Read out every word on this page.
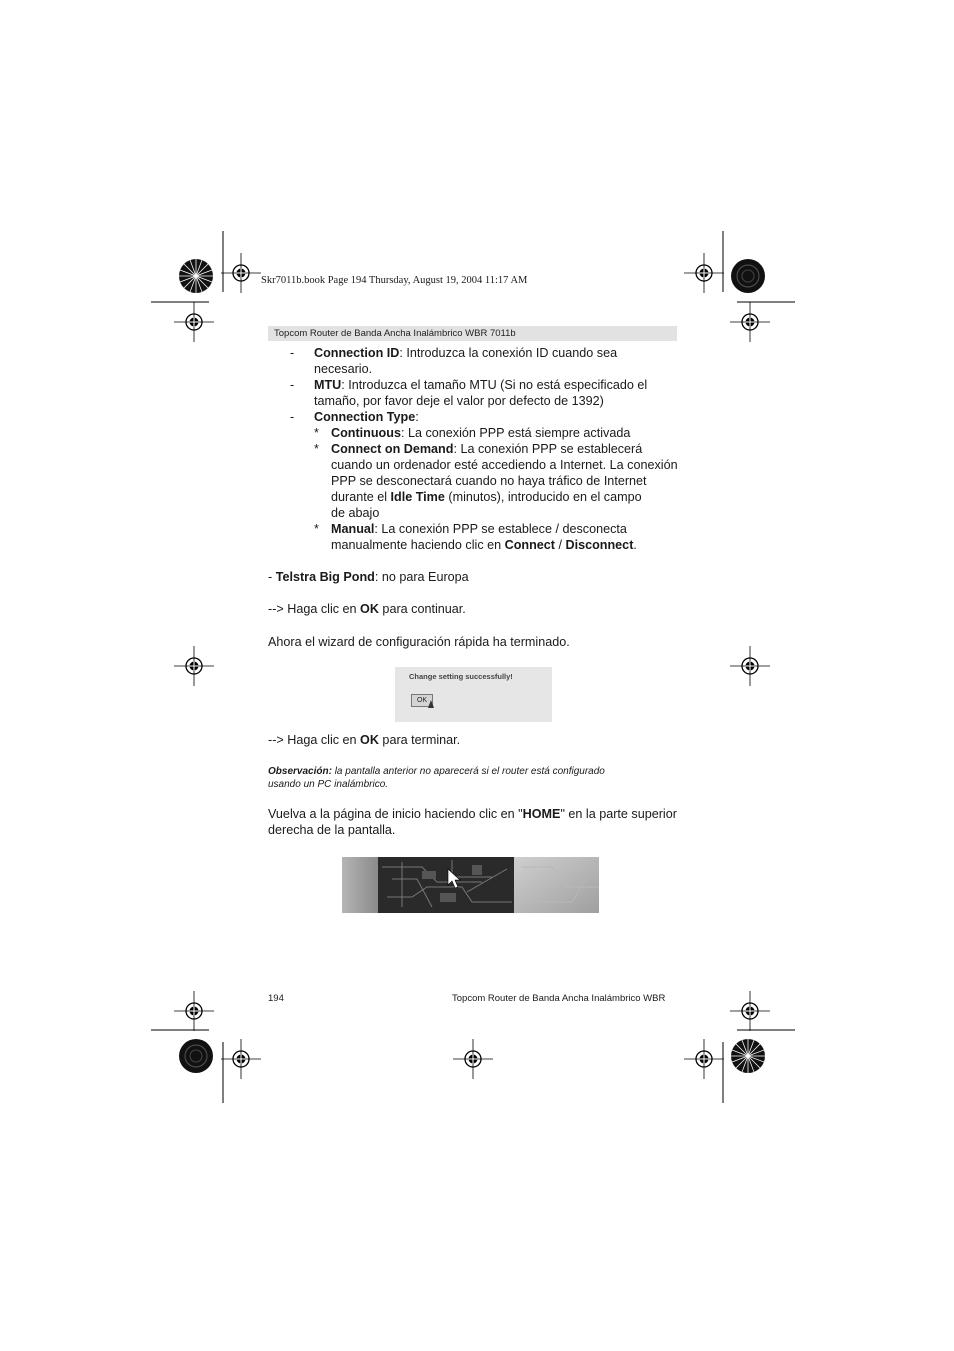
Skr7011b.book Page 194 Thursday, August 19, 2004 11:17 AM
Topcom Router de Banda Ancha Inalámbrico WBR 7011b
- Connection ID: Introduzca la conexión ID cuando sea
necesario.
- MTU: Introduzca el tamaño MTU (Si no está especificado el
tamaño, por favor deje el valor por defecto de 1392)
- Connection Type:
* Continuous: La conexión PPP está siempre activada
* Connect on Demand: La conexión PPP se establecerá
cuando un ordenador esté accediendo a Internet. La conexión
PPP se desconectará cuando no haya tráfico de Internet
durante el Idle Time (minutos), introducido en el campo
de abajo
* Manual: La conexión PPP se establece / desconecta
manualmente haciendo clic en Connect / Disconnect.
- Telstra Big Pond: no para Europa
--> Haga clic en OK para continuar.
Ahora el wizard de configuración rápida ha terminado.
Change setting successfully!
OK
--> Haga clic en OK para terminar.
Observación: la pantalla anterior no aparecerá si el router está configurado
usando un PC inalámbrico.
Vuelva a la página de inicio haciendo clic en "HOME" en la parte superior
derecha de la pantalla.
194	Topcom Router de Banda Ancha Inalámbrico WBR
